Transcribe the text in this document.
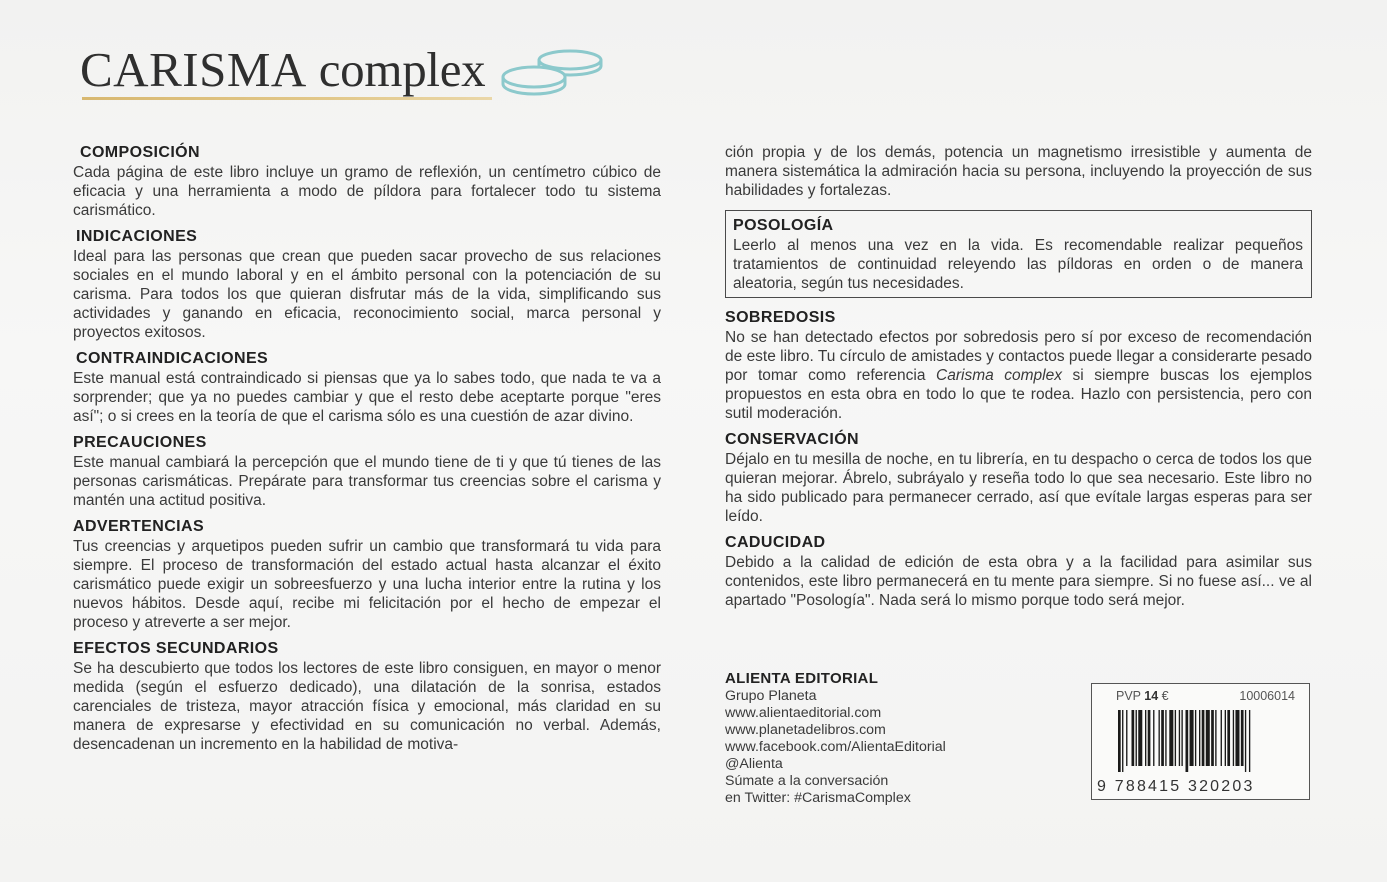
CARISMA complex

COMPOSICIÓN

Cada página de este libro incluye un gramo de reflexión, un centímetro cúbico de eficacia y una herramienta a modo de píldora para fortalecer todo tu sistema carismático.

INDICACIONES

Ideal para las personas que crean que pueden sacar provecho de sus relaciones sociales en el mundo laboral y en el ámbito personal con la potenciación de su carisma. Para todos los que quieran disfrutar más de la vida, simplificando sus actividades y ganando en eficacia, reconocimiento social, marca personal y proyectos exitosos.

CONTRAINDICACIONES

Este manual está contraindicado si piensas que ya lo sabes todo, que nada te va a sorprender; que ya no puedes cambiar y que el resto debe aceptarte porque "eres así"; o si crees en la teoría de que el carisma sólo es una cuestión de azar divino.

PRECAUCIONES

Este manual cambiará la percepción que el mundo tiene de ti y que tú tienes de las personas carismáticas. Prepárate para transformar tus creencias sobre el carisma y mantén una actitud positiva.

ADVERTENCIAS

Tus creencias y arquetipos pueden sufrir un cambio que transformará tu vida para siempre. El proceso de transformación del estado actual hasta alcanzar el éxito carismático puede exigir un sobreesfuerzo y una lucha interior entre la rutina y los nuevos hábitos. Desde aquí, recibe mi felicitación por el hecho de empezar el proceso y atreverte a ser mejor.

EFECTOS SECUNDARIOS

Se ha descubierto que todos los lectores de este libro consiguen, en mayor o menor medida (según el esfuerzo dedicado), una dilatación de la sonrisa, estados carenciales de tristeza, mayor atracción física y emocional, más claridad en su manera de expresarse y efectividad en su comunicación no verbal. Además, desencadenan un incremento en la habilidad de motiva-

ción propia y de los demás, potencia un magnetismo irresistible y aumenta de manera sistemática la admiración hacia su persona, incluyendo la proyección de sus habilidades y fortalezas.

POSOLOGÍA

Leerlo al menos una vez en la vida. Es recomendable realizar pequeños tratamientos de continuidad releyendo las píldoras en orden o de manera aleatoria, según tus necesidades.

SOBREDOSIS

No se han detectado efectos por sobredosis pero sí por exceso de recomendación de este libro. Tu círculo de amistades y contactos puede llegar a considerarte pesado por tomar como referencia Carisma complex si siempre buscas los ejemplos propuestos en esta obra en todo lo que te rodea. Hazlo con persistencia, pero con sutil moderación.

CONSERVACIÓN

Déjalo en tu mesilla de noche, en tu librería, en tu despacho o cerca de todos los que quieran mejorar. Ábrelo, subráyalo y reseña todo lo que sea necesario. Este libro no ha sido publicado para permanecer cerrado, así que evítale largas esperas para ser leído.

CADUCIDAD

Debido a la calidad de edición de esta obra y a la facilidad para asimilar sus contenidos, este libro permanecerá en tu mente para siempre. Si no fuese así... ve al apartado "Posología". Nada será lo mismo porque todo será mejor.

ALIENTA EDITORIAL
Grupo Planeta
www.alientaeditorial.com
www.planetadelibros.com
www.facebook.com/AlientaEditorial
@Alienta
Súmate a la conversación
en Twitter: #CarismaComplex
PVP 14 €	10006014
9 788415 320203
